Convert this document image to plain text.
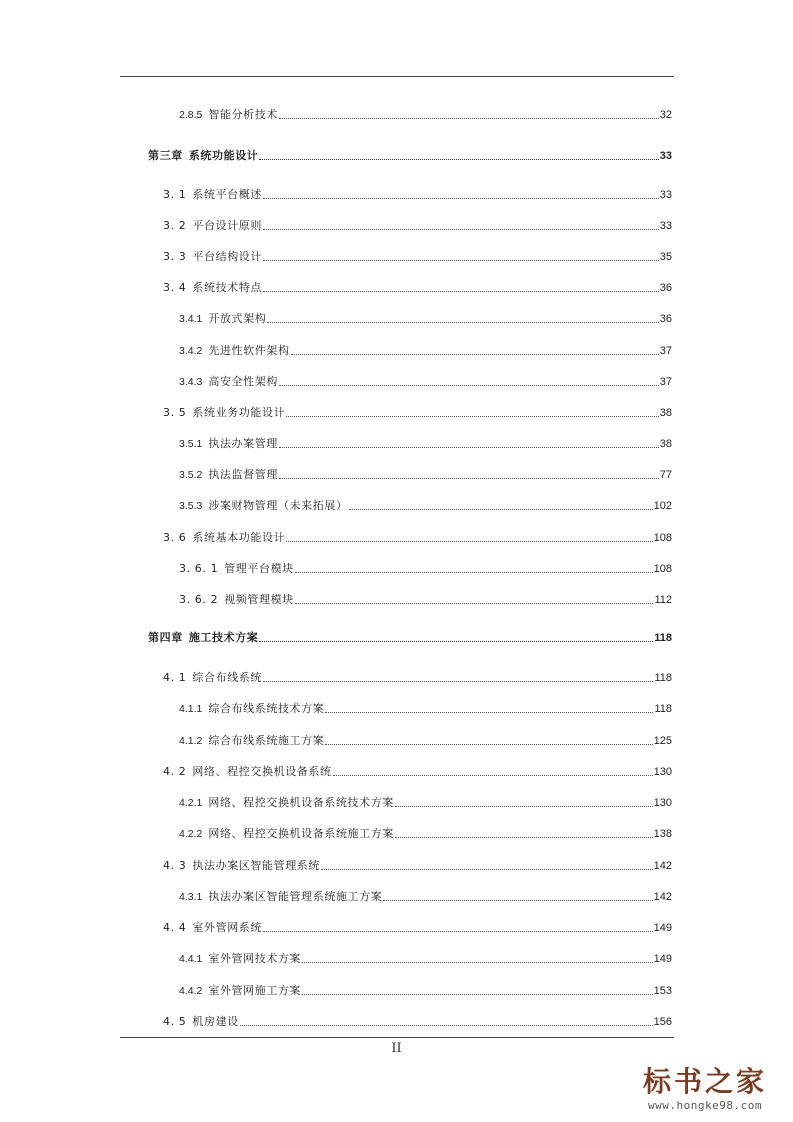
2.8.5 智能分析技术	32
第三章 系统功能设计	33
3. 1 系统平台概述	33
3. 2 平台设计原则	33
3. 3 平台结构设计	35
3. 4 系统技术特点	36
3.4.1 开放式架构	36
3.4.2 先进性软件架构	37
3.4.3 高安全性架构	37
3. 5 系统业务功能设计	38
3.5.1 执法办案管理	38
3.5.2 执法监督管理	77
3.5.3 涉案财物管理（未来拓展）	102
3. 6 系统基本功能设计	108
3. 6. 1 管理平台模块	108
3. 6. 2 视频管理模块	112
第四章 施工技术方案	118
4. 1 综合布线系统	118
4.1.1 综合布线系统技术方案	118
4.1.2 综合布线系统施工方案	125
4. 2 网络、程控交换机设备系统	130
4.2.1 网络、程控交换机设备系统技术方案	130
4.2.2 网络、程控交换机设备系统施工方案	138
4. 3 执法办案区智能管理系统	142
4.3.1 执法办案区智能管理系统施工方案	142
4. 4 室外管网系统	149
4.4.1 室外管网技术方案	149
4.4.2 室外管网施工方案	153
4. 5 机房建设	156
II
标书之家
www.hongke98.com
